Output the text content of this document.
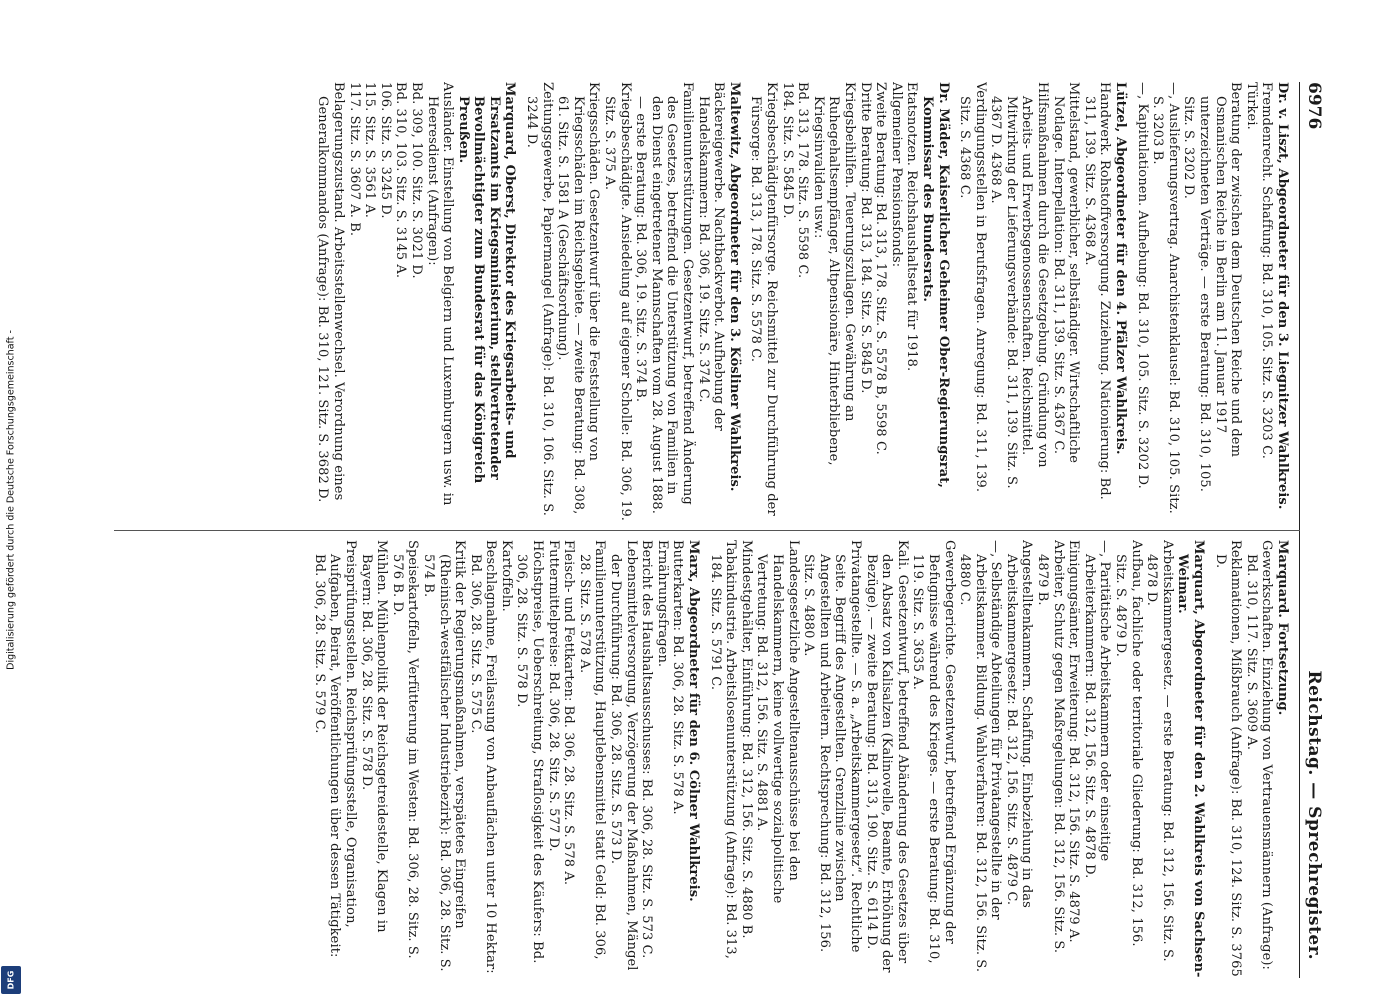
6976
Reichstag. — Sprechregister.

Dr. v. Liszt, Abgeordneter für den 3. Liegnitzer Wahlkreis.

Fremdenrecht. Schaffung: Bd. 310, 105. Sitz. S. 3203 C.

Türkei.

Beratung der zwischen dem Deutschen Reiche und dem Osmanischen Reiche in Berlin am 11. Januar 1917 unterzeichneten Verträge. — erste Beratung: Bd. 310, 105. Sitz. S. 3202 D.

—, Auslieferungsvertrag. Anarchistenklausel: Bd. 310, 105. Sitz. S. 3203 B.

—, Kapitulationen. Aufhebung: Bd. 310, 105. Sitz. S. 3202 D.

Lützel, Abgeordneter für den 4. Pfälzer Wahlkreis.

Handwerk. Rohstoffversorgung. Zuziehung. Nationierung: Bd. 311, 139. Sitz. S. 4368 A.

Mittelstand, gewerblicher, selbständiger. Wirtschaftliche Notlage. Interpellation: Bd. 311, 139. Sitz. S. 4367 C.

Hilfsmaßnahmen durch die Gesetzgebung. Gründung von Arbeits- und Erwerbsgenossenschaften. Reichsmittel. Mitwirkung der Lieferungsverbände: Bd. 311, 139. Sitz. S. 4367 D. 4368 A.

Verdingungsstellen in Berufsfragen. Anregung: Bd. 311, 139. Sitz. S. 4368 C.

Dr. Mäder, Kaiserlicher Geheimer Ober-Regierungsrat, Kommissar des Bundesrats.

Etatsnotzen. Reichshaushaltsetat für 1918.

Allgemeiner Pensionsfonds:

Zweite Beratung: Bd. 313, 178. Sitz. S. 5578 B, 5598 C.

Dritte Beratung: Bd. 313, 184. Sitz. S. 5845 D.

Kriegsbeihilfen. Teuerungszulagen. Gewährung an Ruhegehaltsempfänger, Altpensionäre, Hinterbliebene, Kriegsinvaliden usw.:

Bd. 313, 178. Sitz. S. 5598 C.

184. Sitz. S. 5845 D.

Kriegsbeschädigtenfürsorge. Reichsmittel zur Durchführung der Fürsorge: Bd. 313, 178. Sitz. S. 5578 C.

Maltewitz, Abgeordneter für den 3. Kösliner Wahlkreis.

Bäckereigewerbe. Nachtbackverbot. Aufhebung der Handelskammern: Bd. 306, 19. Sitz. S. 374 C.

Familienunterstützungen. Gesetzentwurf, betreffend Änderung des Gesetzes, betreffend die Unterstützung von Familien in den Dienst eingetretener Mannschaften vom 28. August 1888. — erste Beratung: Bd. 306, 19. Sitz. S. 374 B.

Kriegsbeschädigte. Ansiedelung auf eigener Scholle: Bd. 306, 19. Sitz. S. 375 A.

Kriegsschäden. Gesetzentwurf über die Feststellung von Kriegsschäden im Reichsgebiete. — zweite Beratung: Bd. 308, 61. Sitz. S. 1581 A (Geschäftsordnung).

Zeitungsgewerbe, Papiermangel (Anfrage): Bd. 310, 106. Sitz. S. 3244 D.

Marquard, Oberst, Direktor des Kriegsarbeits- und Ersatzamts im Kriegsministerium, stellvertretender Bevollmächtigter zum Bundesrat für das Königreich Preußen.

Ausländer. Einstellung von Belgiern und Luxemburgern usw. in Heeresdienst (Anfragen):

Bd. 309, 100. Sitz. S. 3021 D.

Bd. 310, 103. Sitz. S. 3145 A.

106. Sitz. S. 3245 D.

115. Sitz. S. 3561 A.

117. Sitz. S. 3607 A. B.

Belagerungszustand. Arbeitsstellenwechsel. Verordnung eines Generalkommandos (Anfrage): Bd. 310, 121. Sitz. S. 3682 D.

Marquard. Fortsetzung.

Gewerkschaften. Einziehung von Vertrauensmännern (Anfrage): Bd. 310, 117. Sitz. S. 3609 A.

Reklamationen, Mißbrauch (Anfrage): Bd. 310, 124. Sitz. S. 3765 D.

Marquart, Abgeordneter für den 2. Wahlkreis von Sachsen-Weimar.

Arbeitskammergesetz. — erste Beratung: Bd. 312, 156. Sitz. S. 4878 D.

Aufbau, fachliche oder territoriale Gliederung: Bd. 312, 156. Sitz. S. 4879 D.

—, Paritätische Arbeitskammern oder einseitige Arbeiterkammern: Bd. 312, 156. Sitz. S. 4878 D.

Einigungsämter, Erweiterung: Bd. 312, 156. Sitz. S. 4879 A.

Arbeiter, Schutz gegen Maßregelungen: Bd. 312, 156. Sitz. S. 4879 B.

Angestelltenkammern. Schaffung. Einbeziehung in das Arbeitskammergesetz: Bd. 312, 156. Sitz. S. 4879 C.

—, Selbständige Abteilungen für Privatangestellte in der Arbeitskammer. Bildung. Wahlverfahren: Bd. 312, 156. Sitz. S. 4880 C.

Gewerbegerichte. Gesetzentwurf, betreffend Ergänzung der Befugnisse während des Krieges. — erste Beratung: Bd. 310, 119. Sitz. S. 3635 A.

Kali. Gesetzentwurf, betreffend Abänderung des Gesetzes über den Absatz von Kalisalzen (Kalinovelle, Beamte, Erhöhung der Bezüge). — zweite Beratung: Bd. 313, 190. Sitz. S. 6114 D.

Privatangestellte. — S. a. „Arbeitskammergesetz“. Rechtliche Seite. Begriff des Angestellten. Grenzlinie zwischen Angestellten und Arbeitern. Rechtsprechung: Bd. 312, 156. Sitz. S. 4880 A.

Landesgesetzliche Angestelltenausschüsse bei den Handelskammern, keine vollwertige sozialpolitische Vertretung: Bd. 312, 156. Sitz. S. 4881 A.

Mindestgehälter, Einführung: Bd. 312, 156. Sitz. S. 4880 B.

Tabakindustrie. Arbeitslosenunterstützung (Anfrage): Bd. 313, 184. Sitz. S. 5791 C.

Marx, Abgeordneter für den 6. Cölner Wahlkreis.

Butterkarten: Bd. 306, 28. Sitz. S. 578 A.

Ernährungsfragen.

Bericht des Haushaltsausschusses: Bd. 306, 28. Sitz. S. 573 C.

Lebensmittelversorgung, Verzögerung der Maßnahmen, Mängel der Durchführung: Bd. 306, 28. Sitz. S. 573 D.

Familienunterstützung, Hauptlebensmittel statt Geld: Bd. 306, 28. Sitz. S. 578 A.

Fleisch- und Fettkarten: Bd. 306, 28. Sitz. S. 578 A.

Futtermittelpreise: Bd. 306, 28. Sitz. S. 577 D.

Höchstpreise, Ueberschreitung, Straflosigkeit des Käufers: Bd. 306, 28. Sitz. S. 578 D.

Kartoffeln.

Beschlagnahme, Freilassung von Anbauflächen unter 10 Hektar: Bd. 306, 28. Sitz. S. 575 C.

Kritik der Regierungsmaßnahmen, verspätetes Eingreifen (Rheinisch-westfälischer Industriebezirk): Bd. 306, 28. Sitz. S. 574 B.

Speisekartoffeln, Verfütterung im Westen: Bd. 306, 28. Sitz. S. 576 B. D.

Mühlen. Mühlenpolitik der Reichsgetreidestelle, Klagen in Bayern: Bd. 306, 28. Sitz. S. 578 D.

Preisprüfungsstellen. Reichsprüfungsstelle, Organisation, Aufgaben, Beirat, Veröffentlichungen über dessen Tätigkeit: Bd. 306, 28. Sitz. S. 579 C.

Digitalisierung gefördert durch die Deutsche Forschungsgemeinschaft -
DFG
